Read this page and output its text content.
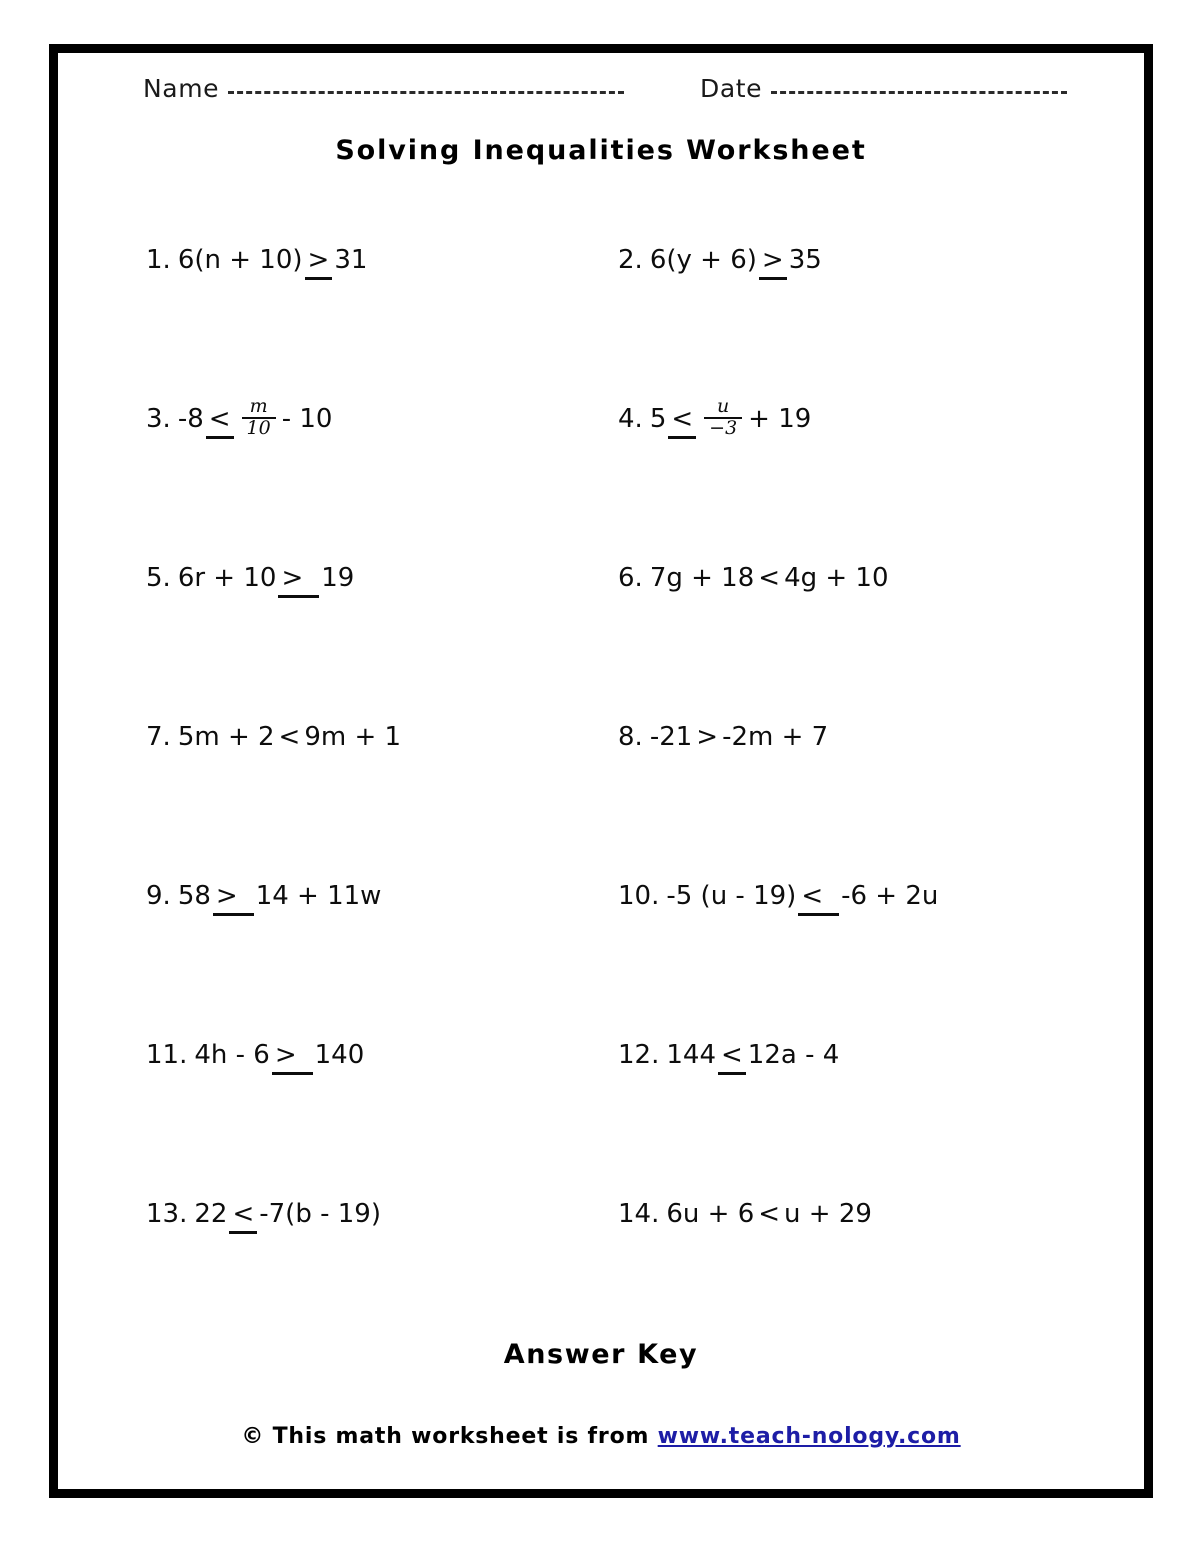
Name	Date
Solving Inequalities Worksheet
1. 6(n + 10) > 31	2. 6(y + 6) > 35
3. $-8 < \frac{m}{10} - 10$	4. $5 < \frac{u}{-3} + 19$
5. 6r + 10 > 19	6. 7g + 18 < 4g + 10
7. 5m + 2 < 9m + 1	8. -21 > -2m + 7
9. 58 > 14 + 11w	10. -5 (u - 19) < -6 + 2u
11. 4h - 6 > 140	12. 144 < 12a - 4
13. 22 < -7(b - 19)	14. 6u + 6 < u + 29
Answer Key
© This math worksheet is from www.teach-nology.com
